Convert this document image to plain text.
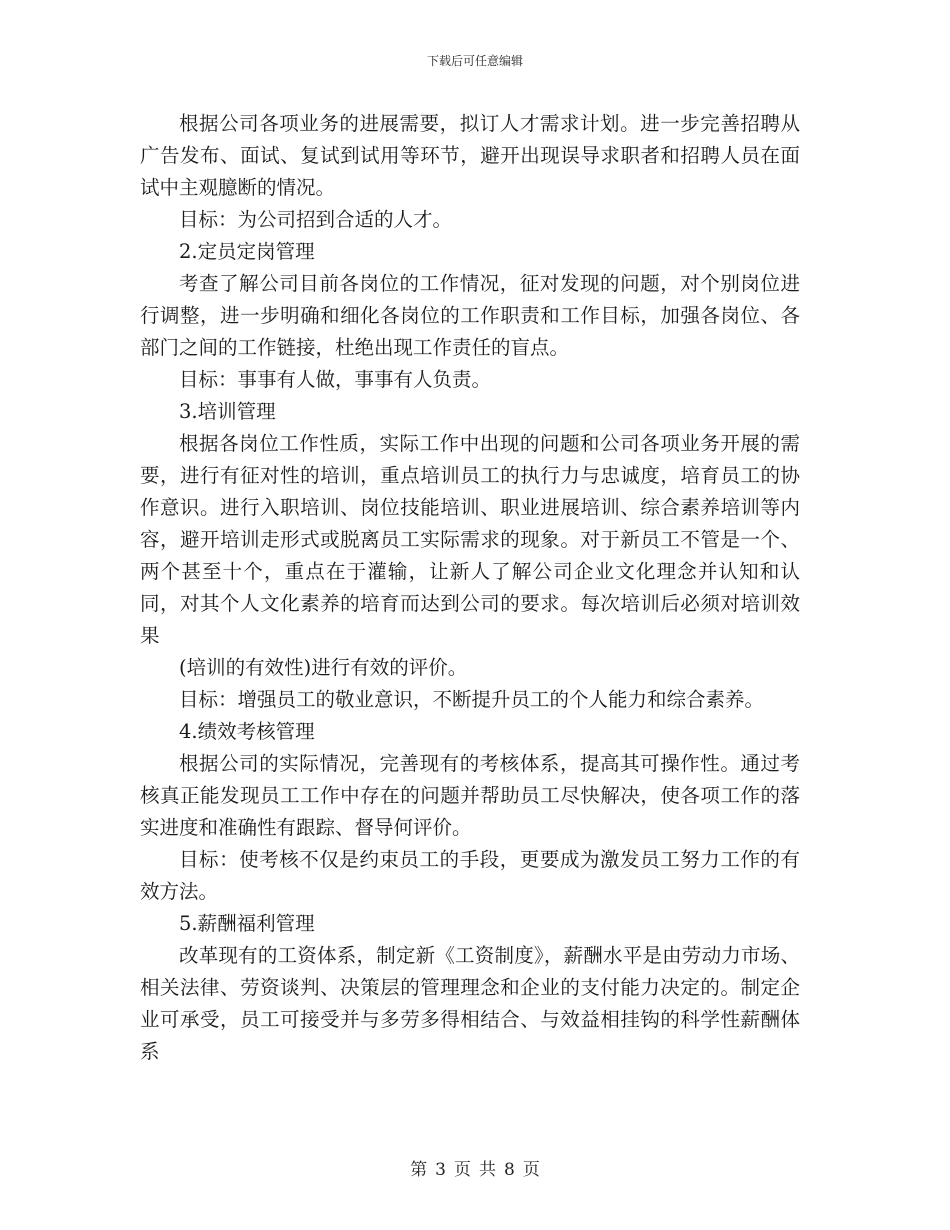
下载后可任意编辑

根据公司各项业务的进展需要，拟订人才需求计划。进一步完善招聘从广告发布、面试、复试到试用等环节，避开出现误导求职者和招聘人员在面试中主观臆断的情况。

目标：为公司招到合适的人才。

2.定员定岗管理

考查了解公司目前各岗位的工作情况，征对发现的问题，对个别岗位进行调整，进一步明确和细化各岗位的工作职责和工作目标，加强各岗位、各部门之间的工作链接，杜绝出现工作责任的盲点。

目标：事事有人做，事事有人负责。

3.培训管理

根据各岗位工作性质，实际工作中出现的问题和公司各项业务开展的需要，进行有征对性的培训，重点培训员工的执行力与忠诚度，培育员工的协作意识。进行入职培训、岗位技能培训、职业进展培训、综合素养培训等内容，避开培训走形式或脱离员工实际需求的现象。对于新员工不管是一个、两个甚至十个，重点在于灌输，让新人了解公司企业文化理念并认知和认同，对其个人文化素养的培育而达到公司的要求。每次培训后必须对培训效果

(培训的有效性)进行有效的评价。

目标：增强员工的敬业意识，不断提升员工的个人能力和综合素养。

4.绩效考核管理

根据公司的实际情况，完善现有的考核体系，提高其可操作性。通过考核真正能发现员工工作中存在的问题并帮助员工尽快解决，使各项工作的落实进度和准确性有跟踪、督导何评价。

目标：使考核不仅是约束员工的手段，更要成为激发员工努力工作的有效方法。

5.薪酬福利管理

改革现有的工资体系，制定新《工资制度》，薪酬水平是由劳动力市场、相关法律、劳资谈判、决策层的管理理念和企业的支付能力决定的。制定企业可承受，员工可接受并与多劳多得相结合、与效益相挂钩的科学性薪酬体系

第 3 页 共 8 页
